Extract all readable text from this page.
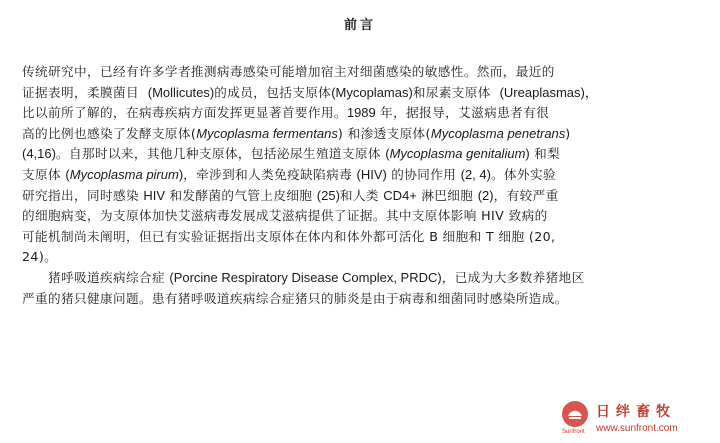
前言
传统研究中，已经有许多学者推测病毒感染可能增加宿主对细菌感染的敏感性。然而，最近的
证据表明，柔膜菌目 (Mollicutes)的成员，包括支原体(Mycoplamas)和尿素支原体 (Ureaplasmas)，
比以前所了解的，在病毒疾病方面发挥更显著首要作用。1989 年，据报导，艾滋病患者有很
高的比例也感染了发酵支原体(Mycoplasma fermentans) 和渗透支原体(Mycoplasma penetrans)
(4,16)。自那时以来，其他几种支原体，包括泌尿生殖道支原体 (Mycoplasma genitalium) 和梨
支原体 (Mycoplasma pirum)，牵涉到和人类免疫缺陷病毒 (HIV) 的协同作用 (2, 4)。体外实验
研究指出，同时感染 HIV 和发酵菌的气管上皮细胞 (25)和人类 CD4+ 淋巴细胞 (2)，有较严重
的细胞病变，为支原体加快艾滋病毒发展成艾滋病提供了证据。其中支原体影响 HIV 致病的
可能机制尚未阐明，但已有实验证据指出支原体在体内和体外都可活化 B 细胞和 T 细胞 (20,
24)。
　　猪呼吸道疾病综合症 (Porcine Respiratory Disease Complex, PRDC)，已成为大多数养猪地区
严重的猪只健康问题。患有猪呼吸道疾病综合症猪只的肺炎是由于病毒和细菌同时感染所造成。
日绊畜牧
Sunfront www.sunfront.com
